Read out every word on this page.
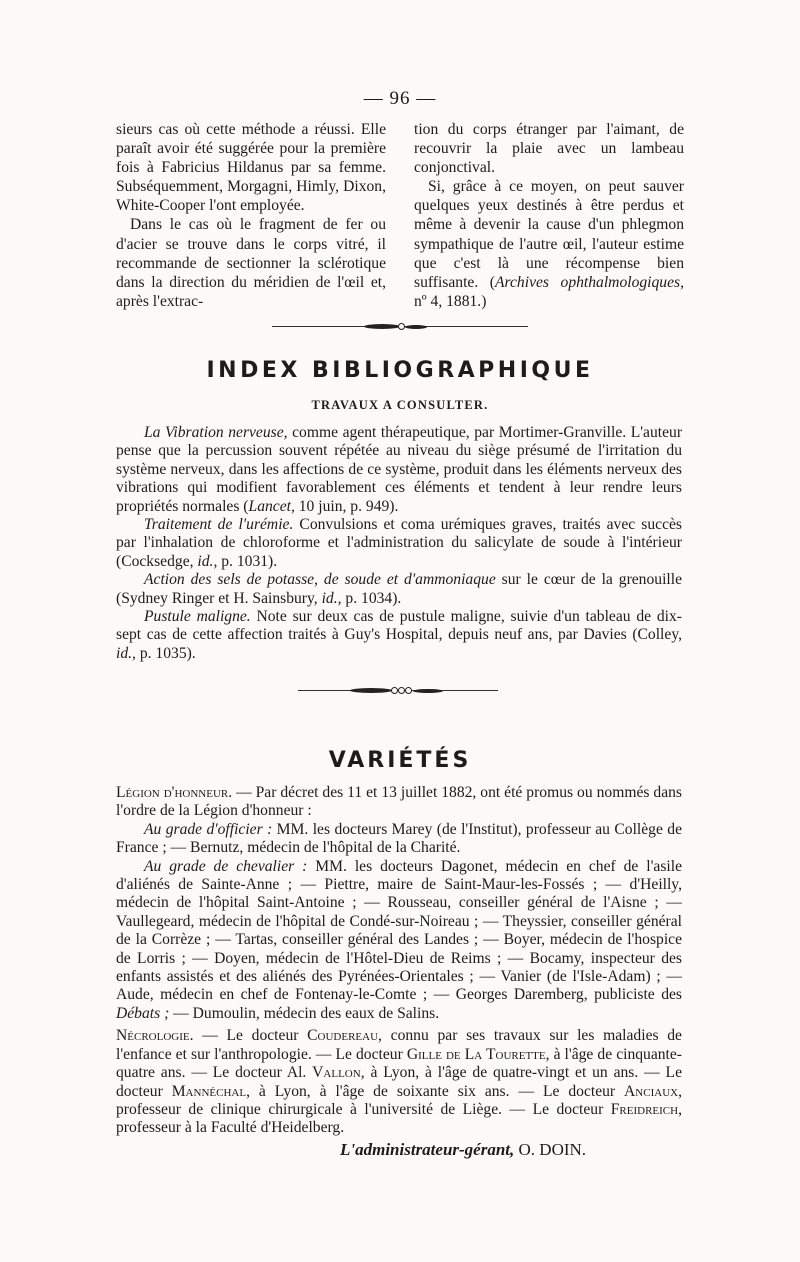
— 96 —

sieurs cas où cette méthode a réussi. Elle paraît avoir été suggérée pour la première fois à Fabricius Hildanus par sa femme. Subséquemment, Morgagni, Himly, Dixon, White-Cooper l'ont employée.

Dans le cas où le fragment de fer ou d'acier se trouve dans le corps vitré, il recommande de sectionner la sclérotique dans la direction du méridien de l'œil et, après l'extrac-

tion du corps étranger par l'aimant, de recouvrir la plaie avec un lambeau conjonctival.

Si, grâce à ce moyen, on peut sauver quelques yeux destinés à être perdus et même à devenir la cause d'un phlegmon sympathique de l'autre œil, l'auteur estime que c'est là une récompense bien suffisante. (Archives ophthalmologiques, nº 4, 1881.)

INDEX BIBLIOGRAPHIQUE
TRAVAUX A CONSULTER.

La Vibration nerveuse, comme agent thérapeutique, par Mortimer-Granville. L'auteur pense que la percussion souvent répétée au niveau du siège présumé de l'irritation du système nerveux, dans les affections de ce système, produit dans les éléments nerveux des vibrations qui modifient favorablement ces éléments et tendent à leur rendre leurs propriétés normales (Lancet, 10 juin, p. 949).

Traitement de l'urémie. Convulsions et coma urémiques graves, traités avec succès par l'inhalation de chloroforme et l'administration du salicylate de soude à l'intérieur (Cocksedge, id., p. 1031).

Action des sels de potasse, de soude et d'ammoniaque sur le cœur de la grenouille (Sydney Ringer et H. Sainsbury, id., p. 1034).

Pustule maligne. Note sur deux cas de pustule maligne, suivie d'un tableau de dix-sept cas de cette affection traités à Guy's Hospital, depuis neuf ans, par Davies (Colley, id., p. 1035).

VARIÉTÉS

Légion d'honneur. — Par décret des 11 et 13 juillet 1882, ont été promus ou nommés dans l'ordre de la Légion d'honneur :

Au grade d'officier : MM. les docteurs Marey (de l'Institut), professeur au Collège de France ; — Bernutz, médecin de l'hôpital de la Charité.

Au grade de chevalier : MM. les docteurs Dagonet, médecin en chef de l'asile d'aliénés de Sainte-Anne ; — Piettre, maire de Saint-Maur-les-Fossés ; — d'Heilly, médecin de l'hôpital Saint-Antoine ; — Rousseau, conseiller général de l'Aisne ; — Vaullegeard, médecin de l'hôpital de Condé-sur-Noireau ; — Theyssier, conseiller général de la Corrèze ; — Tartas, conseiller général des Landes ; — Boyer, médecin de l'hospice de Lorris ; — Doyen, médecin de l'Hôtel-Dieu de Reims ; — Bocamy, inspecteur des enfants assistés et des aliénés des Pyrénées-Orientales ; — Vanier (de l'Isle-Adam) ; — Aude, médecin en chef de Fontenay-le-Comte ; — Georges Daremberg, publiciste des Débats ; — Dumoulin, médecin des eaux de Salins.

Nécrologie. — Le docteur Coudereau, connu par ses travaux sur les maladies de l'enfance et sur l'anthropologie. — Le docteur Gille de La Tourette, à l'âge de cinquante-quatre ans. — Le docteur Al. Vallon, à Lyon, à l'âge de quatre-vingt et un ans. — Le docteur Mannéchal, à Lyon, à l'âge de soixante six ans. — Le docteur Anciaux, professeur de clinique chirurgicale à l'université de Liège. — Le docteur Freidreich, professeur à la Faculté d'Heidelberg.

L'administrateur-gérant, O. DOIN.
